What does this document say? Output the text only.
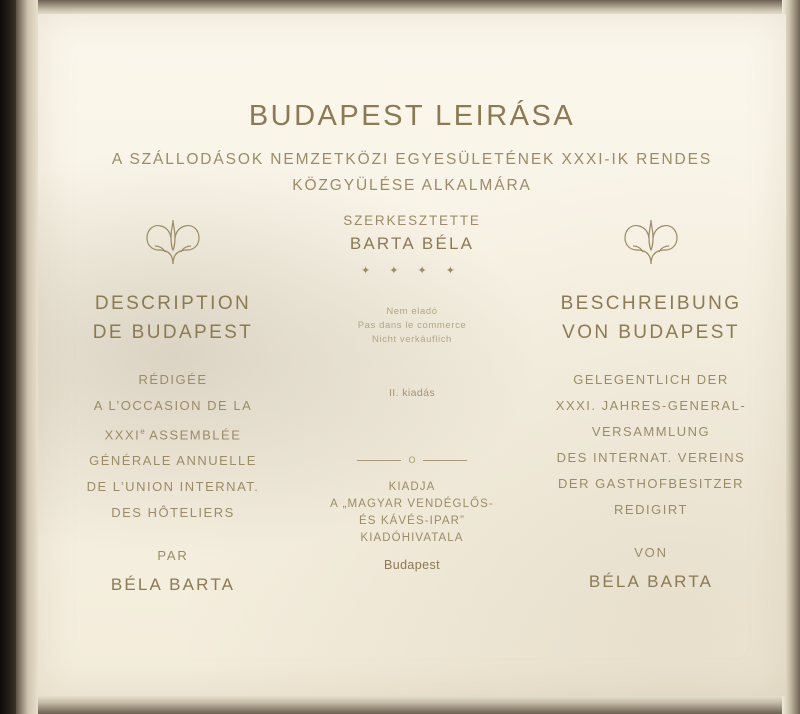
BUDAPEST LEIRÁSA
A SZÁLLODÁSOK NEMZETKÖZI EGYESÜLETÉNEK XXXI-IK RENDES
KÖZGYÜLÉSE ALKALMÁRA
DESCRIPTION
DE BUDAPEST
RÉDIGÉE
A L’OCCASION DE LA
XXXIe ASSEMBLÉE
GÉNÉRALE ANNUELLE
DE L’UNION INTERNAT.
DES HÔTELIERS
PAR
BÉLA BARTA
SZERKESZTETTE
BARTA BÉLA
✦ ✦ ✦ ✦
Nem eladó
Pas dans le commerce
Nicht verkäuflich
II. kiadás
O
KIADJA
A „MAGYAR VENDÉGLŐS-
ÉS KÁVÉS-IPAR”
KIADÓHIVATALA
Budapest
BESCHREIBUNG
VON BUDAPEST
GELEGENTLICH DER
XXXI. JAHRES-GENERAL-
VERSAMMLUNG
DES INTERNAT. VEREINS
DER GASTHOFBESITZER
REDIGIRT
VON
BÉLA BARTA
